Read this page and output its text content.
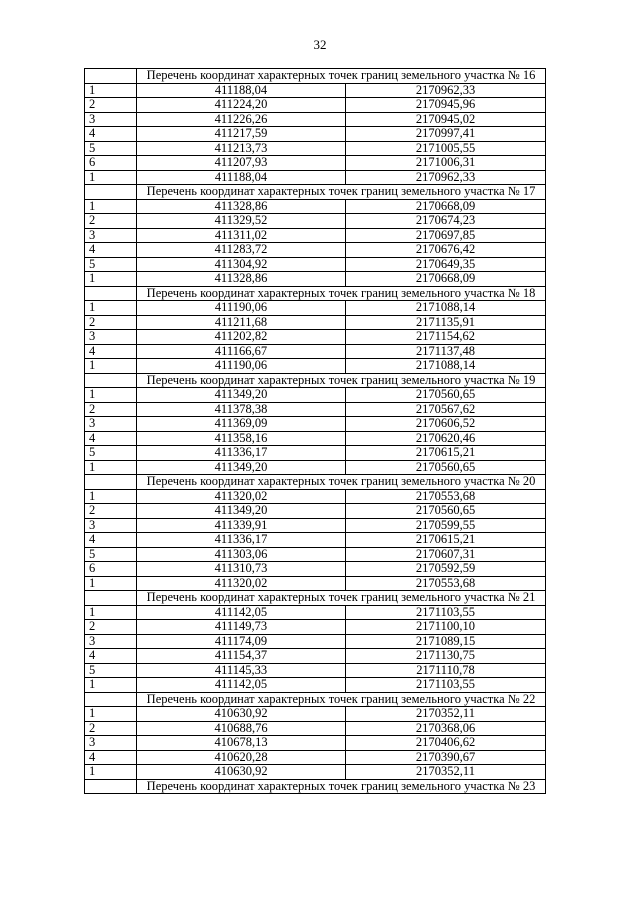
32
	Перечень координат характерных точек границ земельного участка № 16	
1	411188,04	2170962,33
2	411224,20	2170945,96
3	411226,26	2170945,02
4	411217,59	2170997,41
5	411213,73	2171005,55
6	411207,93	2171006,31
1	411188,04	2170962,33
	Перечень координат характерных точек границ земельного участка № 17	
1	411328,86	2170668,09
2	411329,52	2170674,23
3	411311,02	2170697,85
4	411283,72	2170676,42
5	411304,92	2170649,35
1	411328,86	2170668,09
	Перечень координат характерных точек границ земельного участка № 18	
1	411190,06	2171088,14
2	411211,68	2171135,91
3	411202,82	2171154,62
4	411166,67	2171137,48
1	411190,06	2171088,14
	Перечень координат характерных точек границ земельного участка № 19	
1	411349,20	2170560,65
2	411378,38	2170567,62
3	411369,09	2170606,52
4	411358,16	2170620,46
5	411336,17	2170615,21
1	411349,20	2170560,65
	Перечень координат характерных точек границ земельного участка № 20	
1	411320,02	2170553,68
2	411349,20	2170560,65
3	411339,91	2170599,55
4	411336,17	2170615,21
5	411303,06	2170607,31
6	411310,73	2170592,59
1	411320,02	2170553,68
	Перечень координат характерных точек границ земельного участка № 21	
1	411142,05	2171103,55
2	411149,73	2171100,10
3	411174,09	2171089,15
4	411154,37	2171130,75
5	411145,33	2171110,78
1	411142,05	2171103,55
	Перечень координат характерных точек границ земельного участка № 22	
1	410630,92	2170352,11
2	410688,76	2170368,06
3	410678,13	2170406,62
4	410620,28	2170390,67
1	410630,92	2170352,11
	Перечень координат характерных точек границ земельного участка № 23	
